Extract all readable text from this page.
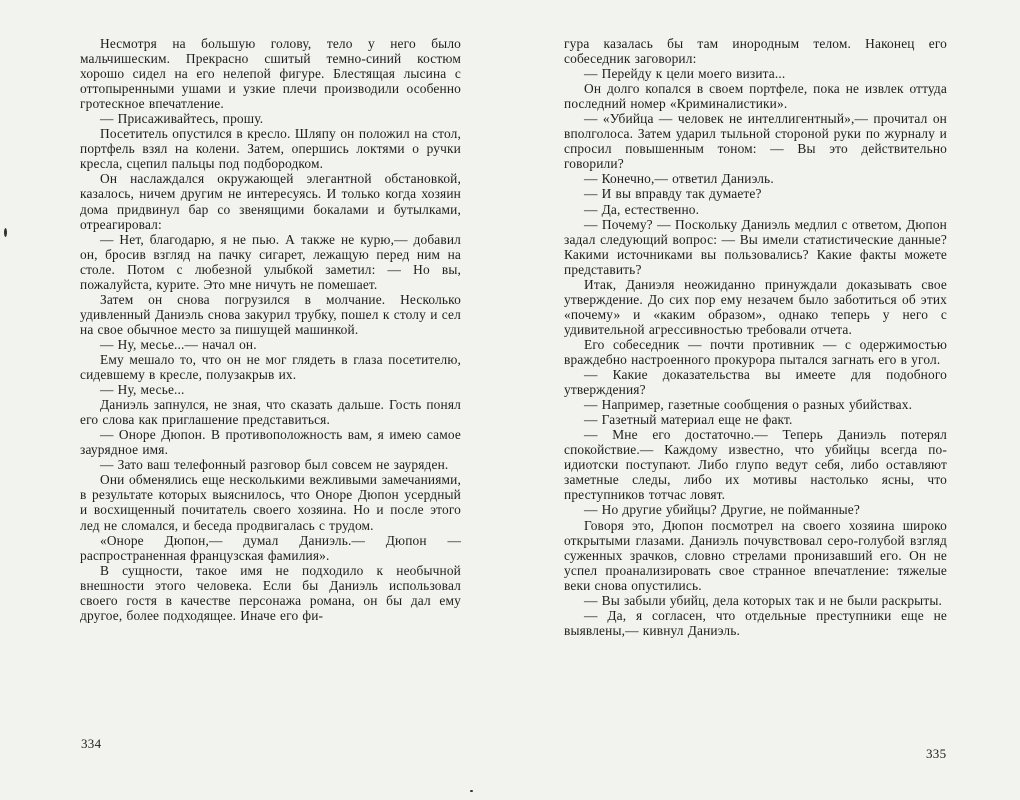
Несмотря на большую голову, тело у него было мальчишеским. Прекрасно сшитый темно-синий костюм хорошо сидел на его нелепой фигуре. Блестящая лысина с оттопыренными ушами и узкие плечи производили особенно гротескное впечатление.

— Присаживайтесь, прошу.

Посетитель опустился в кресло. Шляпу он положил на стол, портфель взял на колени. Затем, опершись локтями о ручки кресла, сцепил пальцы под подбородком.

Он наслаждался окружающей элегантной обстановкой, казалось, ничем другим не интересуясь. И только когда хозяин дома придвинул бар со звенящими бокалами и бутылками, отреагировал:

— Нет, благодарю, я не пью. А также не курю,— добавил он, бросив взгляд на пачку сигарет, лежащую перед ним на столе. Потом с любезной улыбкой заметил: — Но вы, пожалуйста, курите. Это мне ничуть не помешает.

Затем он снова погрузился в молчание. Несколько удивленный Даниэль снова закурил трубку, пошел к столу и сел на свое обычное место за пишущей машинкой.

— Ну, месье...— начал он.

Ему мешало то, что он не мог глядеть в глаза посетителю, сидевшему в кресле, полузакрыв их.

— Ну, месье...

Даниэль запнулся, не зная, что сказать дальше. Гость понял его слова как приглашение представиться.

— Оноре Дюпон. В противоположность вам, я имею самое заурядное имя.

— Зато ваш телефонный разговор был совсем не зауряден.

Они обменялись еще несколькими вежливыми замечаниями, в результате которых выяснилось, что Оноре Дюпон усердный и восхищенный почитатель своего хозяина. Но и после этого лед не сломался, и беседа продвигалась с трудом.

«Оноре Дюпон,— думал Даниэль.— Дюпон — распространенная французская фамилия».

В сущности, такое имя не подходило к необычной внешности этого человека. Если бы Даниэль использовал своего гостя в качестве персонажа романа, он бы дал ему другое, более подходящее. Иначе его фи-

334

гура казалась бы там инородным телом. Наконец его собеседник заговорил:

— Перейду к цели моего визита...

Он долго копался в своем портфеле, пока не извлек оттуда последний номер «Криминалистики».

— «Убийца — человек не интеллигентный»,— прочитал он вполголоса. Затем ударил тыльной стороной руки по журналу и спросил повышенным тоном: — Вы это действительно говорили?

— Конечно,— ответил Даниэль.

— И вы вправду так думаете?

— Да, естественно.

— Почему? — Поскольку Даниэль медлил с ответом, Дюпон задал следующий вопрос: — Вы имели статистические данные? Какими источниками вы пользовались? Какие факты можете представить?

Итак, Даниэля неожиданно принуждали доказывать свое утверждение. До сих пор ему незачем было заботиться об этих «почему» и «каким образом», однако теперь у него с удивительной агрессивностью требовали отчета.

Его собеседник — почти противник — с одержимостью враждебно настроенного прокурора пытался загнать его в угол.

— Какие доказательства вы имеете для подобного утверждения?

— Например, газетные сообщения о разных убийствах.

— Газетный материал еще не факт.

— Мне его достаточно.— Теперь Даниэль потерял спокойствие.— Каждому известно, что убийцы всегда по-идиотски поступают. Либо глупо ведут себя, либо оставляют заметные следы, либо их мотивы настолько ясны, что преступников тотчас ловят.

— Но другие убийцы? Другие, не пойманные?

Говоря это, Дюпон посмотрел на своего хозяина широко открытыми глазами. Даниэль почувствовал серо-голубой взгляд суженных зрачков, словно стрелами пронизавший его. Он не успел проанализировать свое странное впечатление: тяжелые веки снова опустились.

— Вы забыли убийц, дела которых так и не были раскрыты.

— Да, я согласен, что отдельные преступники еще не выявлены,— кивнул Даниэль.

335
